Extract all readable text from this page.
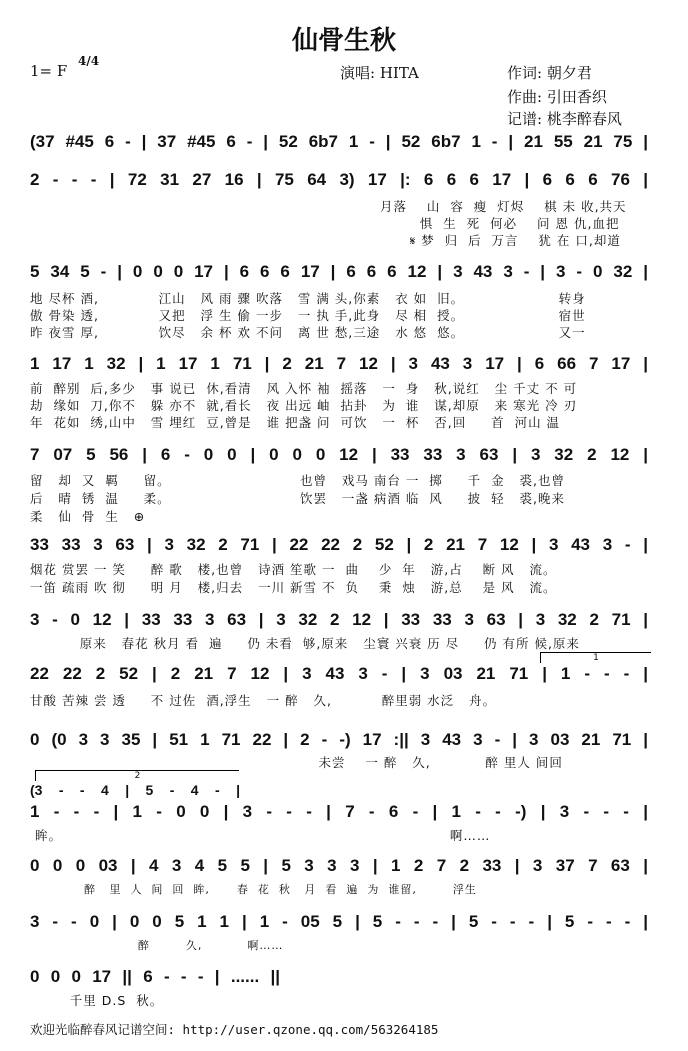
仙骨生秋
1= F
4/4
演唱: HITA	作词: 朝夕君
作曲: 引田香织
记谱: 桃李醉春风
(37 #45 6 - | 37 #45 6 - | 52 6b7 1 - | 52 6b7 1 - | 21 55 21 75 |
2 - - - | 72 31 27 16 | 75 64 3) 17 |: 6 6 6 17 | 6 6 6 76 |
月落    山  容  瘦  灯烬    棋 未 收,共天
惧  生  死  何必    问 恩 仇,血把
𝄋 梦  归  后  万言    犹 在 口,却道
5 34 5 - | 0 0 0 17 | 6 6 6 17 | 6 6 6 12 | 3 43 3 - | 3 - 0 32 |
地 尽杯 酒,            江山   风 雨 骤 吹落   雪 满 头,你素   衣 如  旧。                   转身
傲 骨染 透,            又把   浮 生 偷 一步   一 执 手,此身   尽 相  授。                   宿世
昨 夜雪 厚,            饮尽   余 杯 欢 不问   离 世 愁,三途   水 悠  悠。                   又一
1 17 1 32 | 1 17 1 71 | 2 21 7 12 | 3 43 3 17 | 6 66 7 17 |
前  醉别  后,多少   事 说已  休,看清   风 入怀 袖  摇落   一  身   秋,说红   尘 千丈 不 可
劫  缘如  刀,你不   躲 亦不  就,看长   夜 出远 岫  拈卦   为  谁   谋,却原   来 寒光 冷 刃
年  花如  绣,山中   雪 埋红  豆,曾是   谁 把盏 问  可饮   一  杯   否,回     首  河山 温
7 07 5 56 | 6 - 0 0 | 0 0 0 12 | 33 33 3 63 | 3 32 2 12 |
留   却  又  羁     留。                          也曾   戏马 南台 一  掷     千  金   裘,也曾
后   晴  锈  温     柔。                          饮罢   一盏 病酒 临  风     披  轻   裘,晚来
柔   仙  骨  生   ⊕
33 33 3 63 | 3 32 2 71 | 22 22 2 52 | 2 21 7 12 | 3 43 3 - |
烟花 赏罢 一 笑     醉 歌   楼,也曾   诗酒 笙歌 一  曲    少  年   游,占    断 风   流。
一笛 疏雨 吹 彻     明 月   楼,归去   一川 新雪 不  负    秉  烛   游,总    是 风   流。
3 - 0 12 | 33 33 3 63 | 3 32 2 12 | 33 33 3 63 | 3 32 2 71 |
原来   春花 秋月 看  遍     仍 未看  够,原来   尘寰 兴衰 历 尽     仍 有所 候,原来
1
22 22 2 52 | 2 21 7 12 | 3 43 3 - | 3 03 21 71 | 1 - - - |
甘酸 苦辣 尝 透     不 过佐  酒,浮生   一 醉   久,          醉里弱 水泛   舟。
0 (0 3 3 35 | 51 1 71 22 | 2 - -) 17 :|| 3 43 3 - | 3 03 21 71 |
未尝    一 醉   久,           醉 里人 间回
2
(3 - - 4 | 5 - 4 - |
1 - - - | 1 - 0 0 | 3 - - - | 7 - 6 - | 1 - - -) | 3 - - - |
眸。                                                                              啊……
0 0 0 03 | 4 3 4 5 5 | 5 3 3 3 | 1 2 7 2 33 | 3 37 7 63 |
醉   里  人  间  回  眸,      春  花  秋   月  看  遍  为  谁留,        浮生
3 - - 0 | 0 0 5 1 1 | 1 - 05 5 | 5 - - - | 5 - - - | 5 - - - |
醉        久,          啊……
0 0 0 17 || 6 - - - | ...... ||
千里 D.S  秋。
欢迎光临醉春风记谱空间: http://user.qzone.qq.com/563264185
